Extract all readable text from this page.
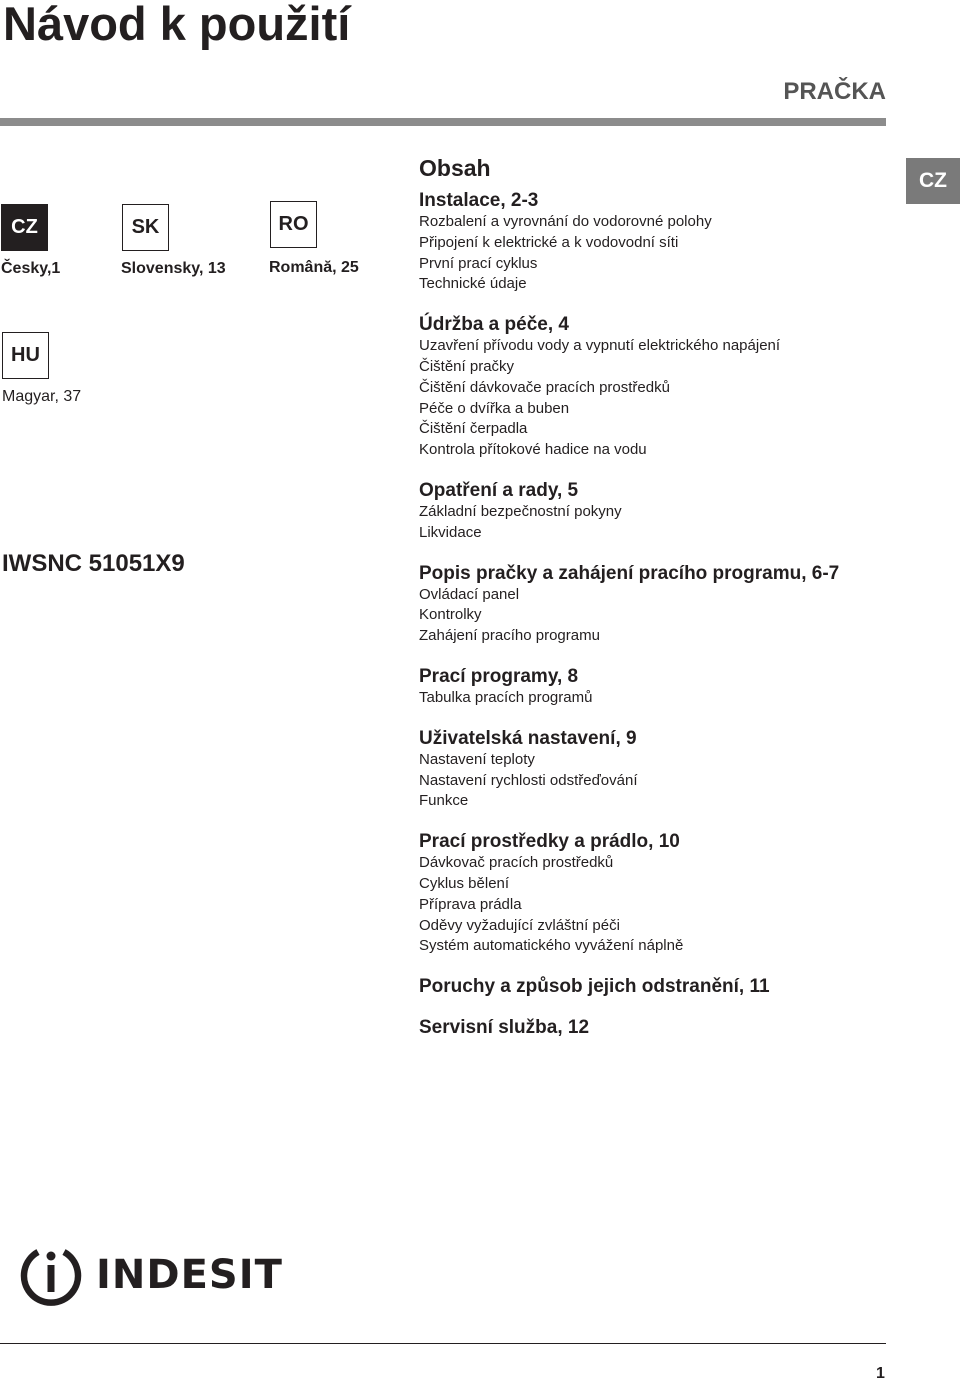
Návod k použití
PRAČKA
CZ
CZ
Česky,1
SK
Slovensky, 13
RO
Română, 25
HU
Magyar, 37
IWSNC 51051X9
Obsah
Instalace, 2-3
Rozbalení a vyrovnání do vodorovné polohy
Připojení k elektrické a k vodovodní síti
První prací cyklus
Technické údaje
Údržba a péče, 4
Uzavření přívodu vody a vypnutí elektrického napájení
Čištění pračky
Čištění dávkovače pracích prostředků
Péče o dvířka a buben
Čištění čerpadla
Kontrola přítokové hadice na vodu
Opatření a rady, 5
Základní bezpečnostní pokyny
Likvidace
Popis pračky a zahájení pracího programu, 6-7
Ovládací panel
Kontrolky
Zahájení pracího programu
Prací programy, 8
Tabulka pracích programů
Uživatelská nastavení, 9
Nastavení teploty
Nastavení rychlosti odstřeďování
Funkce
Prací prostředky a prádlo, 10
Dávkovač pracích prostředků
Cyklus bělení
Příprava prádla
Oděvy vyžadující zvláštní péči
Systém automatického vyvážení náplně
Poruchy a způsob jejich odstranění, 11
Servisní služba, 12
INDESIT
1
